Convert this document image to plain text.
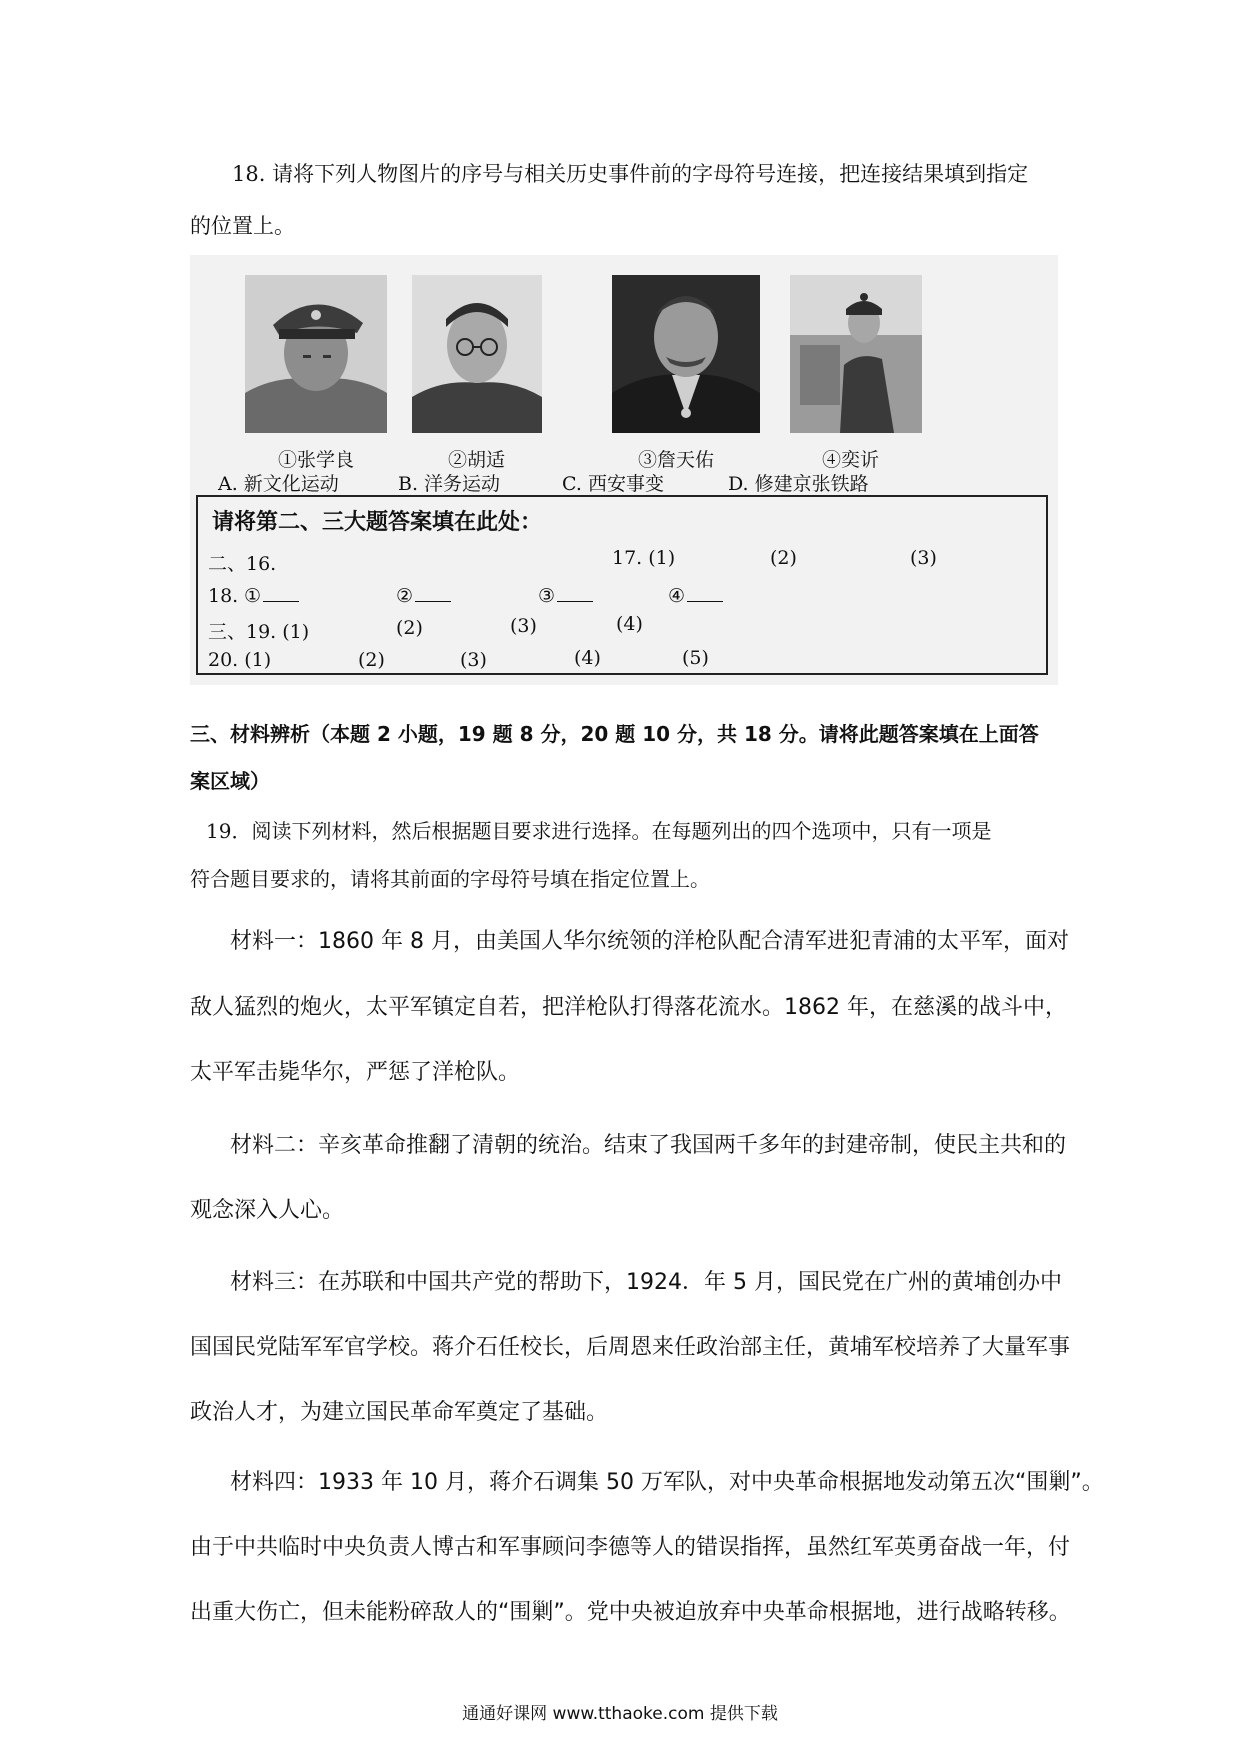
18. 请将下列人物图片的序号与相关历史事件前的字母符号连接，把连接结果填到指定
的位置上。
①张学良	②胡适	③詹天佑	④奕䜣
A. 新文化运动	B. 洋务运动	C. 西安事变	D. 修建京张铁路
请将第二、三大题答案填在此处：
二、16.	17. (1)	(2)	(3)
18. ①	②	③	④
三、19. (1)	(2)	(3)	(4)
20. (1)	(2)	(3)	(4)	(5)
三、材料辨析（本题 2 小题，19 题 8 分，20 题 10 分，共 18 分。请将此题答案填在上面答
案区域）
19．阅读下列材料，然后根据题目要求进行选择。在每题列出的四个选项中，只有一项是
符合题目要求的，请将其前面的字母符号填在指定位置上。
材料一：1860 年 8 月，由美国人华尔统领的洋枪队配合清军进犯青浦的太平军，面对
敌人猛烈的炮火，太平军镇定自若，把洋枪队打得落花流水。1862 年，在慈溪的战斗中，
太平军击毙华尔，严惩了洋枪队。
材料二：辛亥革命推翻了清朝的统治。结束了我国两千多年的封建帝制，使民主共和的
观念深入人心。
材料三：在苏联和中国共产党的帮助下，1924．年 5 月，国民党在广州的黄埔创办中
国国民党陆军军官学校。蒋介石任校长，后周恩来任政治部主任，黄埔军校培养了大量军事
政治人才，为建立国民革命军奠定了基础。
材料四：1933 年 10 月，蒋介石调集 50 万军队，对中央革命根据地发动第五次“围剿”。
由于中共临时中央负责人博古和军事顾问李德等人的错误指挥，虽然红军英勇奋战一年，付
出重大伤亡，但未能粉碎敌人的“围剿”。党中央被迫放弃中央革命根据地，进行战略转移。
通通好课网 www.tthaoke.com 提供下载
